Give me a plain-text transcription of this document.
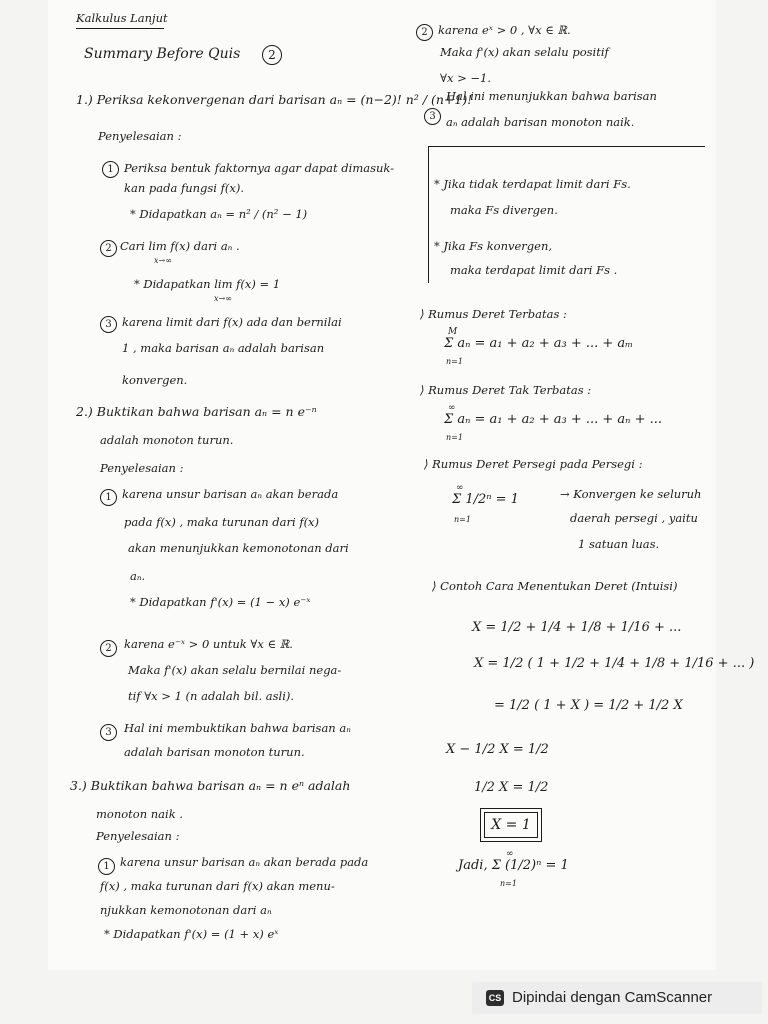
Kalkulus Lanjut
Summary Before Quis	2
1.) Periksa kekonvergenan dari barisan aₙ = (n−2)! n² / (n+1)!
Penyelesaian :
1 Periksa bentuk faktornya agar dapat dimasuk-
kan pada fungsi f(x).
* Didapatkan aₙ = n² / (n² − 1)
2 Cari lim f(x) dari aₙ .
x→∞
* Didapatkan lim f(x) = 1
x→∞
3 karena limit dari f(x) ada dan bernilai
1 , maka barisan aₙ adalah barisan
konvergen.
2.) Buktikan bahwa barisan aₙ = n e⁻ⁿ
adalah monoton turun.
Penyelesaian :
1 karena unsur barisan aₙ akan berada
pada f(x) , maka turunan dari f(x)
akan menunjukkan kemonotonan dari
aₙ.
* Didapatkan f'(x) = (1 − x) e⁻ˣ
2	karena e⁻ˣ > 0 untuk ∀x ∈ ℝ.
Maka f'(x) akan selalu bernilai nega-
tif ∀x > 1 (n adalah bil. asli).
3	Hal ini membuktikan bahwa barisan aₙ
adalah barisan monoton turun.
3.) Buktikan bahwa barisan aₙ = n eⁿ adalah
monoton naik .
Penyelesaian :
1 karena unsur barisan aₙ akan berada pada
f(x) , maka turunan dari f(x) akan menu-
njukkan kemonotonan dari aₙ
* Didapatkan f'(x) = (1 + x) eˣ
2 karena eˣ > 0 , ∀x ∈ ℝ.
Maka f'(x) akan selalu positif
∀x > −1.
3
Hal ini menunjukkan bahwa barisan
aₙ adalah barisan monoton naik.
* Jika tidak terdapat limit dari Fs.
maka Fs divergen.
* Jika Fs konvergen,
maka terdapat limit dari Fs .
⟩ Rumus Deret Terbatas :
M
Σ aₙ = a₁ + a₂ + a₃ + ... + aₘ
n=1
⟩ Rumus Deret Tak Terbatas :
∞
Σ aₙ = a₁ + a₂ + a₃ + ... + aₙ + ...
n=1
⟩ Rumus Deret Persegi pada Persegi :
∞
Σ 1/2ⁿ = 1
n=1
→ Konvergen ke seluruh
daerah persegi , yaitu
1 satuan luas.
⟩ Contoh Cara Menentukan Deret (Intuisi)
X = 1/2 + 1/4 + 1/8 + 1/16 + ...
X = 1/2 ( 1 + 1/2 + 1/4 + 1/8 + 1/16 + ... )
= 1/2 ( 1 + X ) = 1/2 + 1/2 X
X − 1/2 X = 1/2
1/2 X = 1/2
X = 1
∞
Jadi, Σ (1/2)ⁿ = 1
n=1
CS Dipindai dengan CamScanner
